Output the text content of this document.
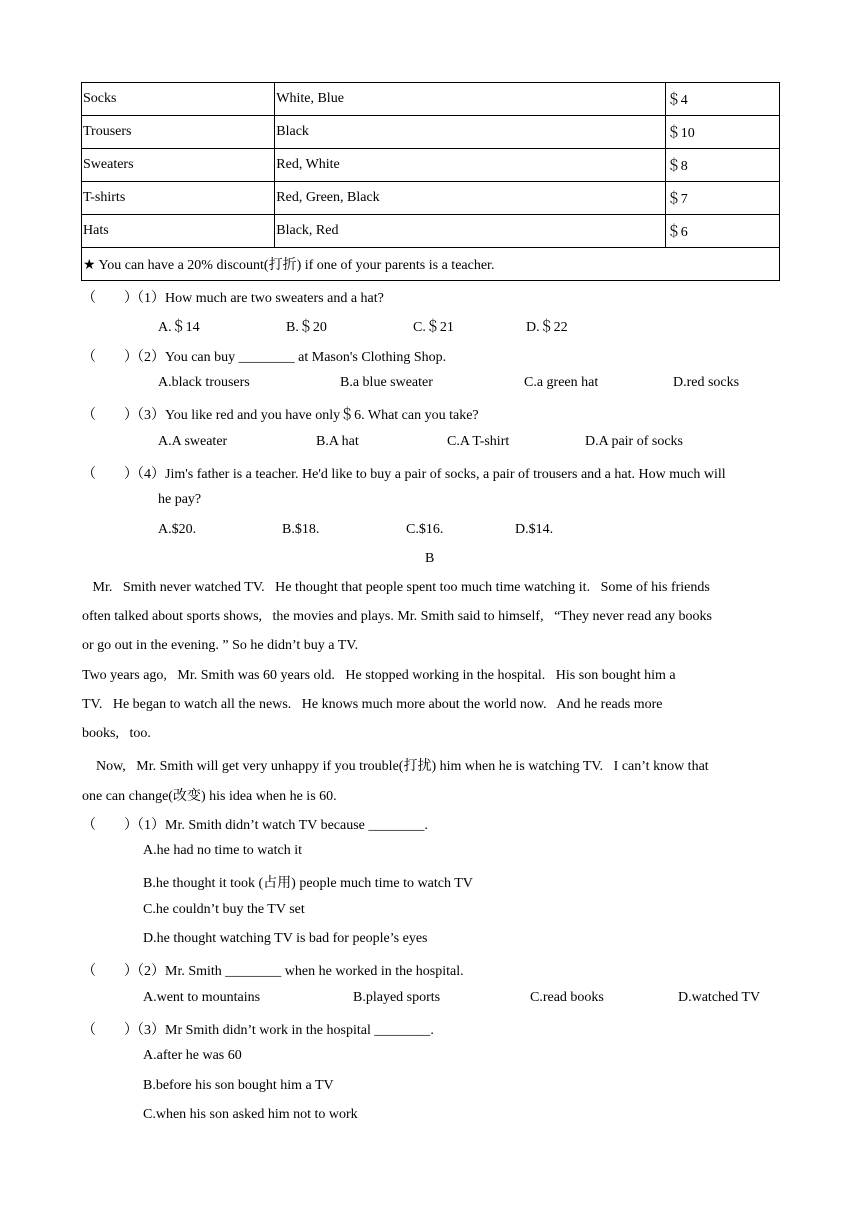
Socks	White, Blue	＄4
Trousers	Black	＄10
Sweaters	Red, White	＄8
T-shirts	Red, Green, Black	＄7
Hats	Black, Red	＄6
★ You can have a 20% discount(打折) if one of your parents is a teacher.		
（　　）（1）How much are two sweaters and a hat?
A.＄14	B.＄20	C.＄21	D.＄22
（　　）（2）You can buy ________ at Mason's Clothing Shop.
A.black trousers	B.a blue sweater	C.a green hat	D.red socks
（　　）（3）You like red and you have only＄6. What can you take?
A.A sweater	B.A hat	C.A T-shirt	D.A pair of socks
（　　）（4）Jim's father is a teacher. He'd like to buy a pair of socks, a pair of trousers and a hat. How much will
he pay?
A.$20.	B.$18.	C.$16.	D.$14.
B
Mr.   Smith never watched TV.   He thought that people spent too much time watching it.   Some of his friends
often talked about sports shows,   the movies and plays. Mr. Smith said to himself,   “They never read any books
or go out in the evening. ” So he didn’t buy a TV.
Two years ago,   Mr. Smith was 60 years old.   He stopped working in the hospital.   His son bought him a
TV.   He began to watch all the news.   He knows much more about the world now.   And he reads more
books,   too.
Now,   Mr. Smith will get very unhappy if you trouble(打扰) him when he is watching TV.   I can’t know that
one can change(改变) his idea when he is 60.
（　　）（1）Mr. Smith didn’t watch TV because ________.
A.he had no time to watch it
B.he thought it took (占用) people much time to watch TV
C.he couldn’t buy the TV set
D.he thought watching TV is bad for people’s eyes
（　　）（2）Mr. Smith ________ when he worked in the hospital.
A.went to mountains	B.played sports	C.read books	D.watched TV
（　　）（3）Mr Smith didn’t work in the hospital ________.
A.after he was 60
B.before his son bought him a TV
C.when his son asked him not to work
